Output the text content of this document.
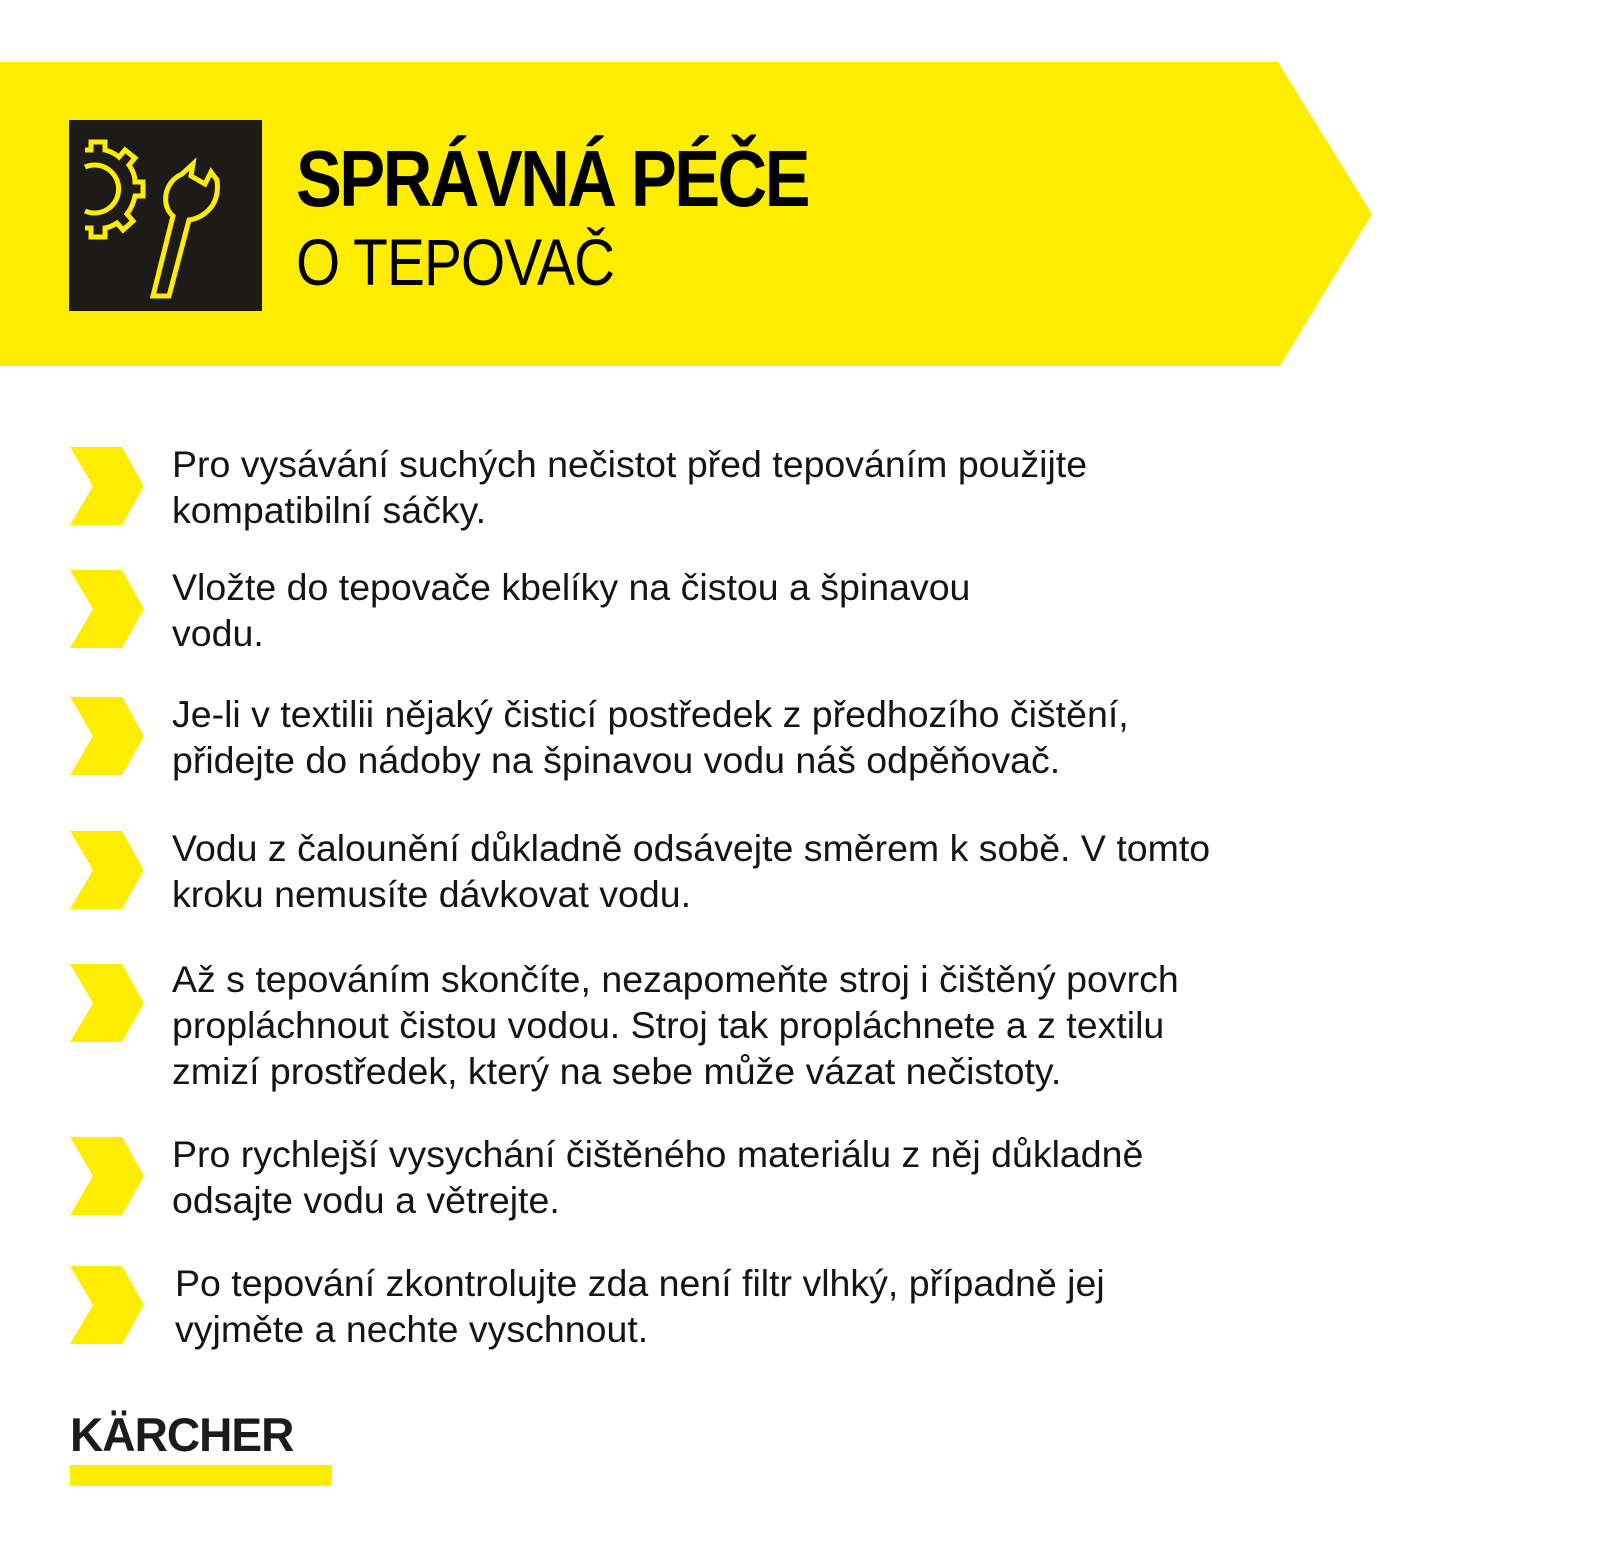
SPRÁVNÁ PÉČE
O TEPOVAČ
Pro vysávání suchých nečistot před tepováním použijte
kompatibilní sáčky.
Vložte do tepovače kbelíky na čistou a špinavou
vodu.
Je-li v textilii nějaký čisticí postředek z předhozího čištění,
přidejte do nádoby na špinavou vodu náš odpěňovač.
Vodu z čalounění důkladně odsávejte směrem k sobě. V tomto
kroku nemusíte dávkovat vodu.
Až s tepováním skončíte, nezapomeňte stroj i čištěný povrch
propláchnout čistou vodou. Stroj tak propláchnete a z textilu
zmizí prostředek, který na sebe může vázat nečistoty.
Pro rychlejší vysychání čištěného materiálu z něj důkladně
odsajte vodu a větrejte.
Po tepování zkontrolujte zda není filtr vlhký, případně jej
vyjměte a nechte vyschnout.
KÄRCHER
